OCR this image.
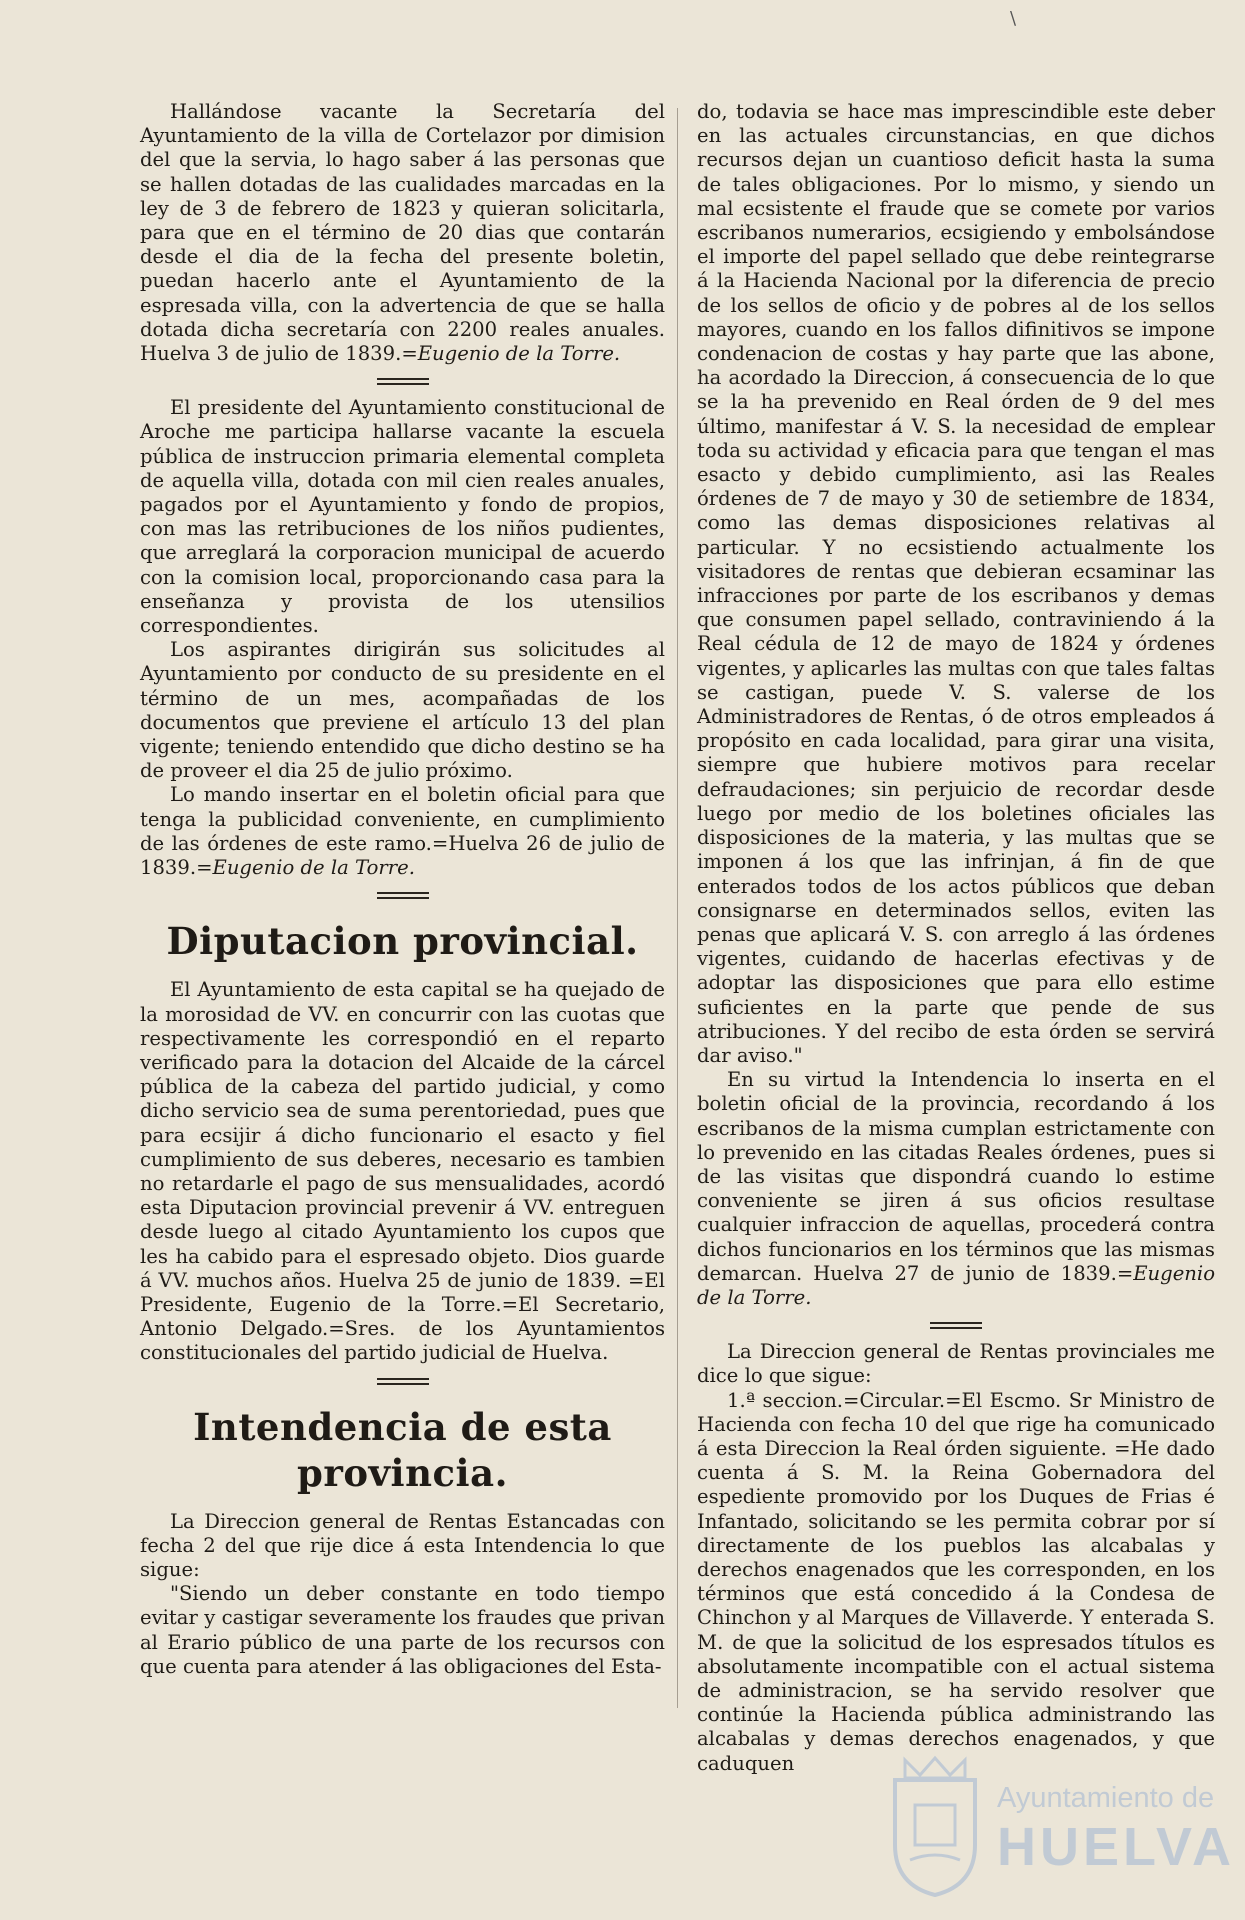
\

Hallándose vacante la Secretaría del Ayuntamiento de la villa de Cortelazor por dimision del que la servia, lo hago saber á las personas que se hallen dotadas de las cualidades marcadas en la ley de 3 de febrero de 1823 y quieran solicitarla, para que en el término de 20 dias que contarán desde el dia de la fecha del presente boletin, puedan hacerlo ante el Ayuntamiento de la espresada villa, con la advertencia de que se halla dotada dicha secretaría con 2200 reales anuales. Huelva 3 de julio de 1839.=Eugenio de la Torre.

El presidente del Ayuntamiento constitucional de Aroche me participa hallarse vacante la escuela pública de instruccion primaria elemental completa de aquella villa, dotada con mil cien reales anuales, pagados por el Ayuntamiento y fondo de propios, con mas las retribuciones de los niños pudientes, que arreglará la corporacion municipal de acuerdo con la comision local, proporcionando casa para la enseñanza y provista de los utensilios correspondientes.

Los aspirantes dirigirán sus solicitudes al Ayuntamiento por conducto de su presidente en el término de un mes, acompañadas de los documentos que previene el artículo 13 del plan vigente; teniendo entendido que dicho destino se ha de proveer el dia 25 de julio próximo.

Lo mando insertar en el boletin oficial para que tenga la publicidad conveniente, en cumplimiento de las órdenes de este ramo.=Huelva 26 de julio de 1839.=Eugenio de la Torre.

Diputacion provincial.

El Ayuntamiento de esta capital se ha quejado de la morosidad de VV. en concurrir con las cuotas que respectivamente les correspondió en el reparto verificado para la dotacion del Alcaide de la cárcel pública de la cabeza del partido judicial, y como dicho servicio sea de suma perentoriedad, pues que para ecsijir á dicho funcionario el esacto y fiel cumplimiento de sus deberes, necesario es tambien no retardarle el pago de sus mensualidades, acordó esta Diputacion provincial prevenir á VV. entreguen desde luego al citado Ayuntamiento los cupos que les ha cabido para el espresado objeto. Dios guarde á VV. muchos años. Huelva 25 de junio de 1839. =El Presidente, Eugenio de la Torre.=El Secretario, Antonio Delgado.=Sres. de los Ayuntamientos constitucionales del partido judicial de Huelva.

Intendencia de esta provincia.

La Direccion general de Rentas Estancadas con fecha 2 del que rije dice á esta Intendencia lo que sigue:

"Siendo un deber constante en todo tiempo evitar y castigar severamente los fraudes que privan al Erario público de una parte de los recursos con que cuenta para atender á las obligaciones del Esta-

do, todavia se hace mas imprescindible este deber en las actuales circunstancias, en que dichos recursos dejan un cuantioso deficit hasta la suma de tales obligaciones. Por lo mismo, y siendo un mal ecsistente el fraude que se comete por varios escribanos numerarios, ecsigiendo y embolsándose el importe del papel sellado que debe reintegrarse á la Hacienda Nacional por la diferencia de precio de los sellos de oficio y de pobres al de los sellos mayores, cuando en los fallos difinitivos se impone condenacion de costas y hay parte que las abone, ha acordado la Direccion, á consecuencia de lo que se la ha prevenido en Real órden de 9 del mes último, manifestar á V. S. la necesidad de emplear toda su actividad y eficacia para que tengan el mas esacto y debido cumplimiento, asi las Reales órdenes de 7 de mayo y 30 de setiembre de 1834, como las demas disposiciones relativas al particular. Y no ecsistiendo actualmente los visitadores de rentas que debieran ecsaminar las infracciones por parte de los escribanos y demas que consumen papel sellado, contraviniendo á la Real cédula de 12 de mayo de 1824 y órdenes vigentes, y aplicarles las multas con que tales faltas se castigan, puede V. S. valerse de los Administradores de Rentas, ó de otros empleados á propósito en cada localidad, para girar una visita, siempre que hubiere motivos para recelar defraudaciones; sin perjuicio de recordar desde luego por medio de los boletines oficiales las disposiciones de la materia, y las multas que se imponen á los que las infrinjan, á fin de que enterados todos de los actos públicos que deban consignarse en determinados sellos, eviten las penas que aplicará V. S. con arreglo á las órdenes vigentes, cuidando de hacerlas efectivas y de adoptar las disposiciones que para ello estime suficientes en la parte que pende de sus atribuciones. Y del recibo de esta órden se servirá dar aviso."

En su virtud la Intendencia lo inserta en el boletin oficial de la provincia, recordando á los escribanos de la misma cumplan estrictamente con lo prevenido en las citadas Reales órdenes, pues si de las visitas que dispondrá cuando lo estime conveniente se jiren á sus oficios resultase cualquier infraccion de aquellas, procederá contra dichos funcionarios en los términos que las mismas demarcan. Huelva 27 de junio de 1839.=Eugenio de la Torre.

La Direccion general de Rentas provinciales me dice lo que sigue:

1.ª seccion.=Circular.=El Escmo. Sr Ministro de Hacienda con fecha 10 del que rige ha comunicado á esta Direccion la Real órden siguiente. =He dado cuenta á S. M. la Reina Gobernadora del espediente promovido por los Duques de Frias é Infantado, solicitando se les permita cobrar por sí directamente de los pueblos las alcabalas y derechos enagenados que les corresponden, en los términos que está concedido á la Condesa de Chinchon y al Marques de Villaverde. Y enterada S. M. de que la solicitud de los espresados títulos es absolutamente incompatible con el actual sistema de administracion, se ha servido resolver que continúe la Hacienda pública administrando las alcabalas y demas derechos enagenados, y que caduquen

Ayuntamiento de
HUELVA
